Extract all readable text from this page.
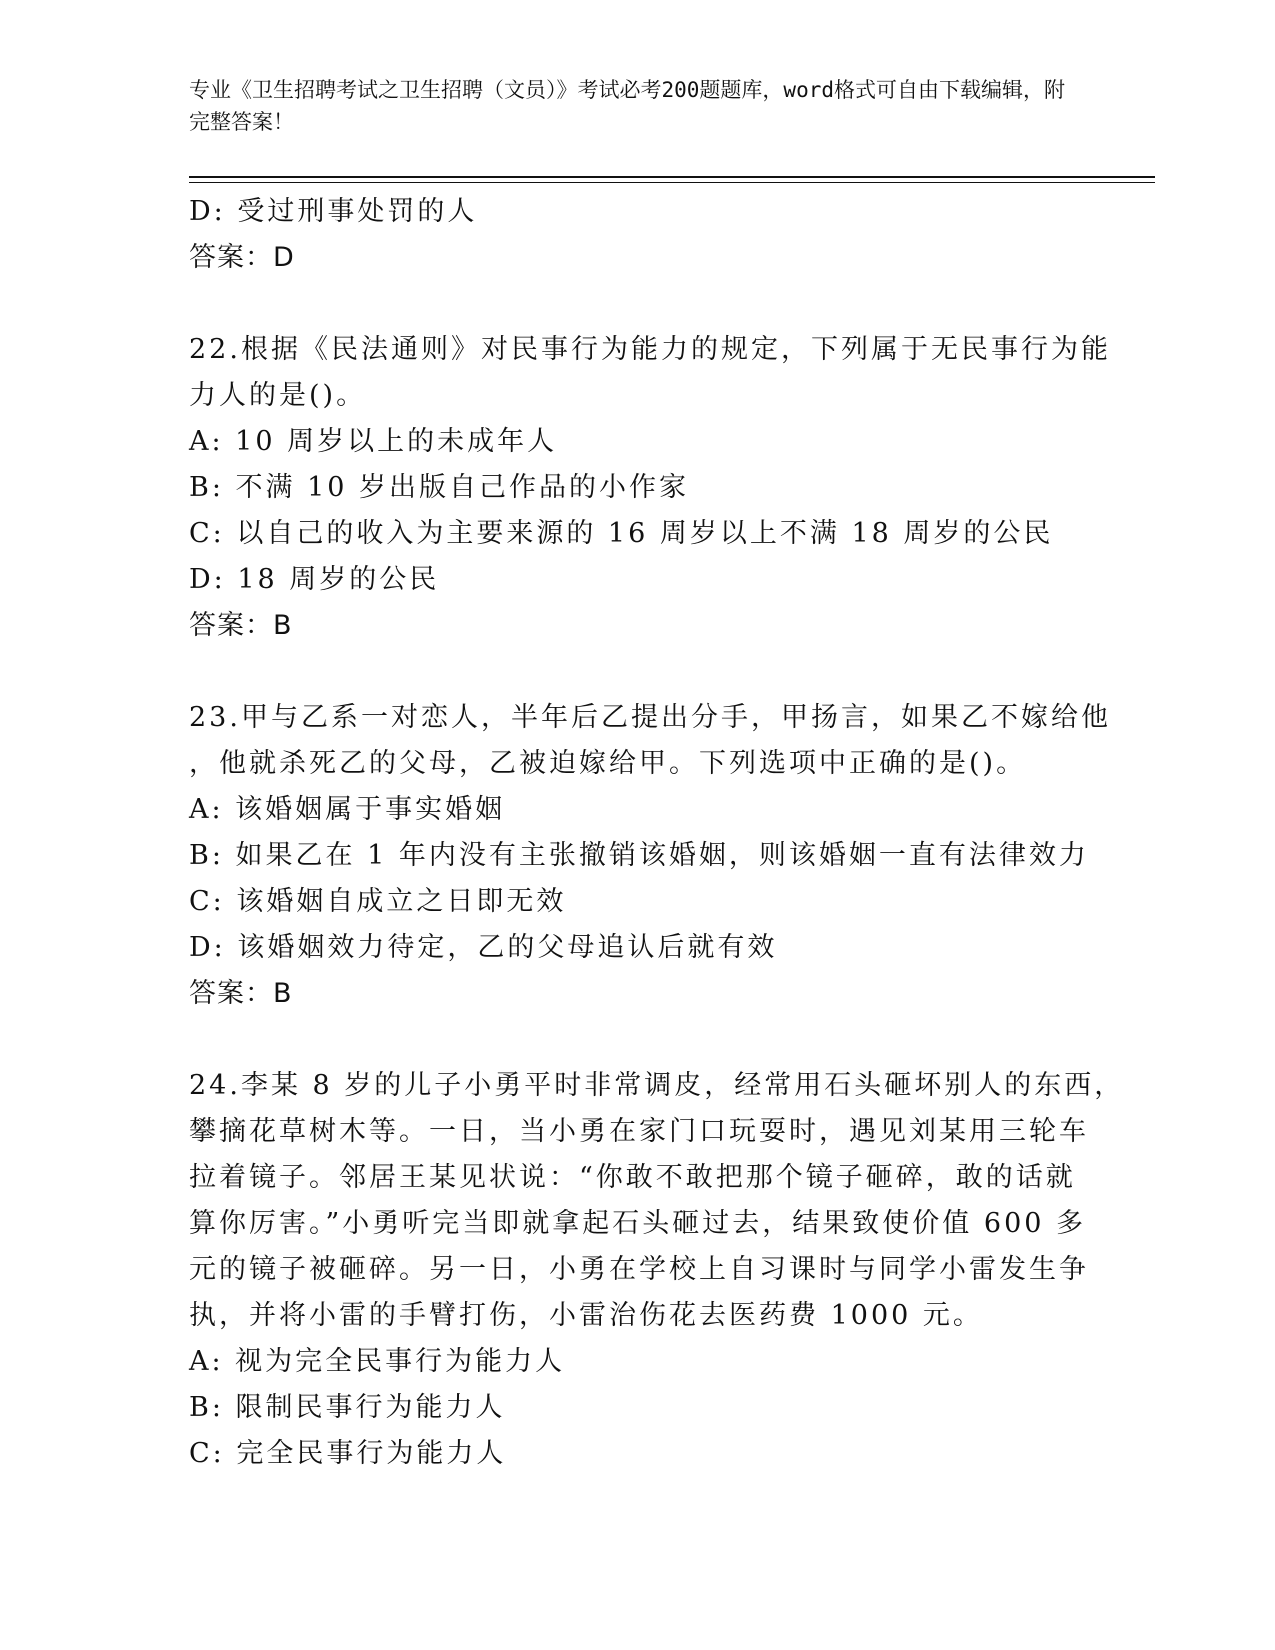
专业《卫生招聘考试之卫生招聘（文员）》考试必考200题题库，word格式可自由下载编辑，附完整答案！
D: 受过刑事处罚的人
答案：D
22.根据《民法通则》对民事行为能力的规定，下列属于无民事行为能
力人的是()。
A: 10 周岁以上的未成年人
B: 不满 10 岁出版自己作品的小作家
C: 以自己的收入为主要来源的 16 周岁以上不满 18 周岁的公民
D: 18 周岁的公民
答案：B
23.甲与乙系一对恋人，半年后乙提出分手，甲扬言，如果乙不嫁给他
，他就杀死乙的父母，乙被迫嫁给甲。下列选项中正确的是()。
A: 该婚姻属于事实婚姻
B: 如果乙在 1 年内没有主张撤销该婚姻，则该婚姻一直有法律效力
C: 该婚姻自成立之日即无效
D: 该婚姻效力待定，乙的父母追认后就有效
答案：B
24.李某 8 岁的儿子小勇平时非常调皮，经常用石头砸坏别人的东西，
攀摘花草树木等。一日，当小勇在家门口玩耍时，遇见刘某用三轮车
拉着镜子。邻居王某见状说：“你敢不敢把那个镜子砸碎，敢的话就
算你厉害。”小勇听完当即就拿起石头砸过去，结果致使价值 600 多
元的镜子被砸碎。另一日，小勇在学校上自习课时与同学小雷发生争
执，并将小雷的手臂打伤，小雷治伤花去医药费 1000 元。
A: 视为完全民事行为能力人
B: 限制民事行为能力人
C: 完全民事行为能力人
